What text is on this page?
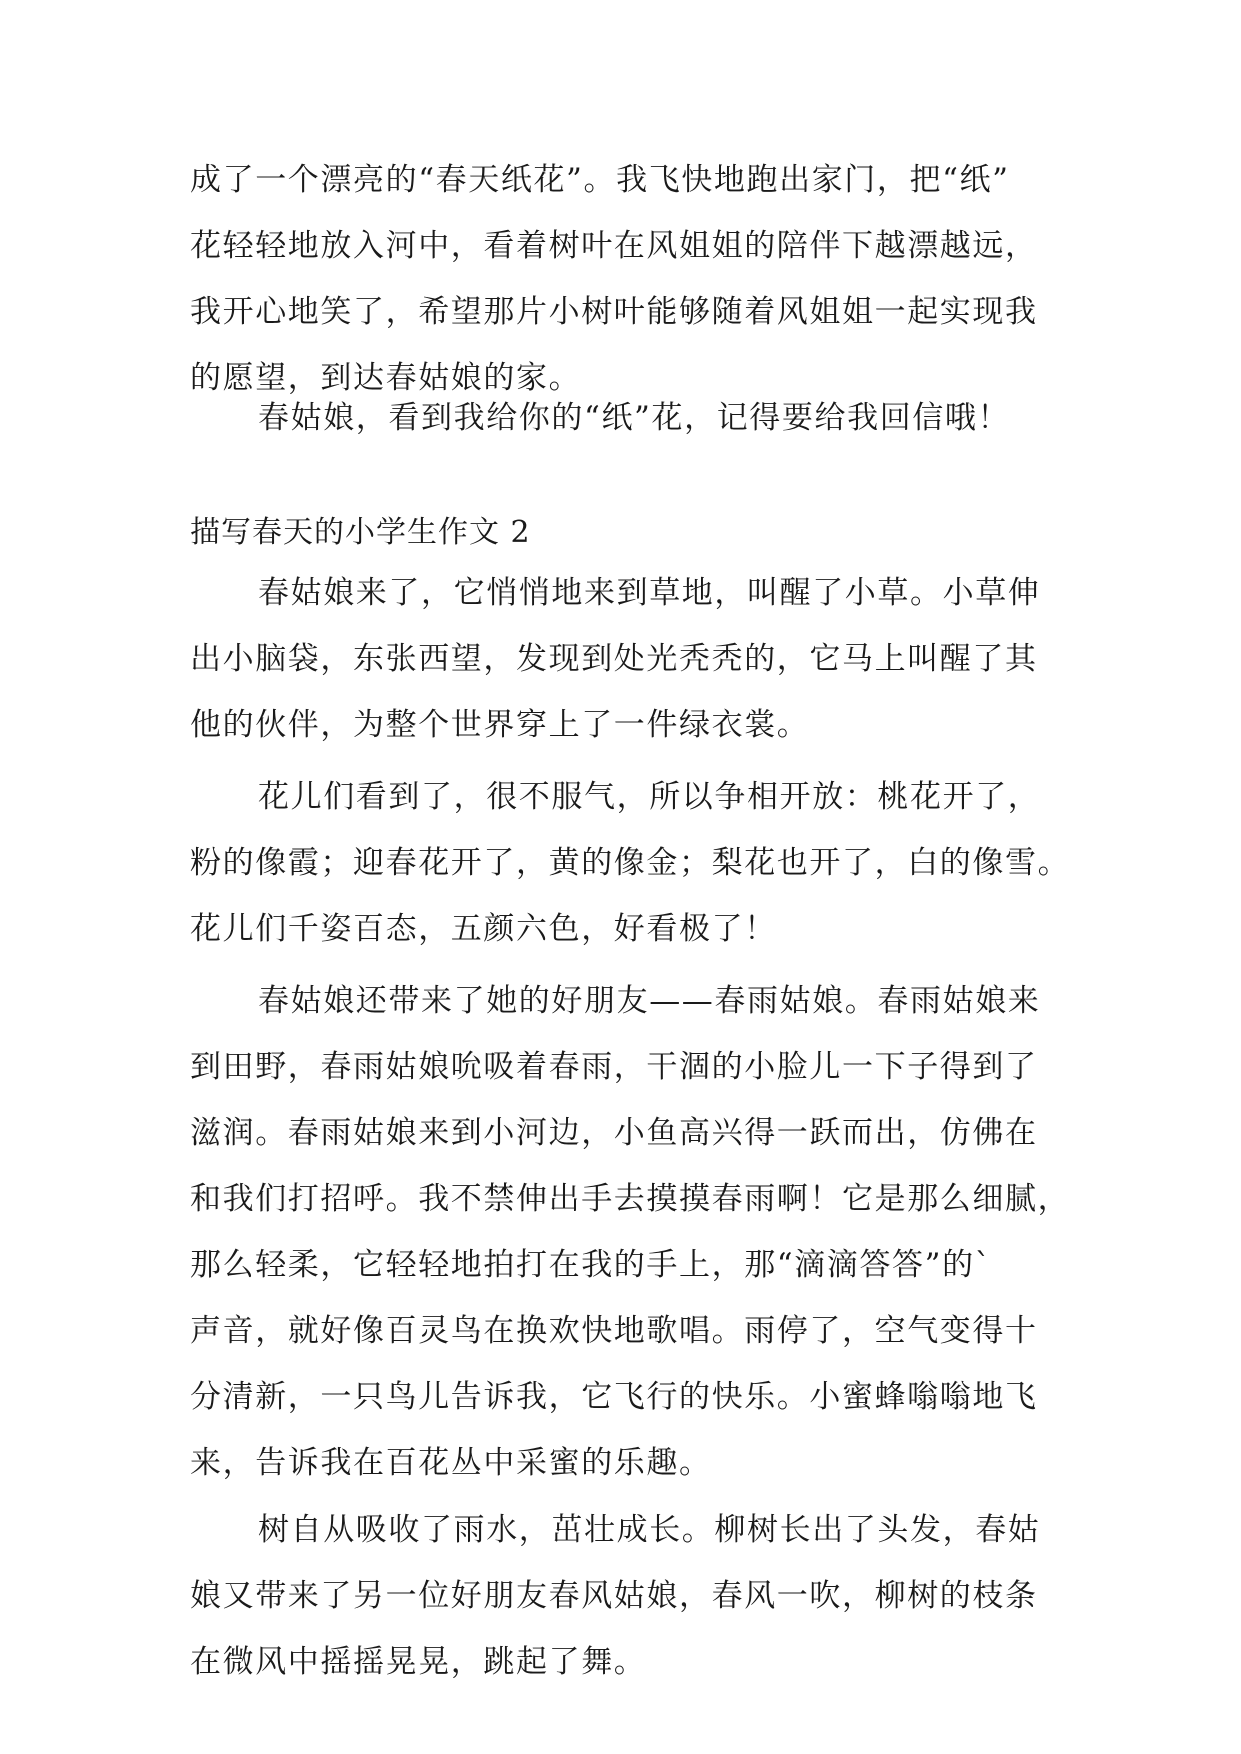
成了一个漂亮的“春天纸花”。我飞快地跑出家门，把“纸”
花轻轻地放入河中，看着树叶在风姐姐的陪伴下越漂越远，
我开心地笑了，希望那片小树叶能够随着风姐姐一起实现我
的愿望，到达春姑娘的家。
春姑娘，看到我给你的“纸”花，记得要给我回信哦！
描写春天的小学生作文 2
春姑娘来了，它悄悄地来到草地，叫醒了小草。小草伸
出小脑袋，东张西望，发现到处光秃秃的，它马上叫醒了其
他的伙伴，为整个世界穿上了一件绿衣裳。
花儿们看到了，很不服气，所以争相开放：桃花开了，
粉的像霞；迎春花开了，黄的像金；梨花也开了，白的像雪。
花儿们千姿百态，五颜六色，好看极了！
春姑娘还带来了她的好朋友——春雨姑娘。春雨姑娘来
到田野，春雨姑娘吮吸着春雨，干涸的小脸儿一下子得到了
滋润。春雨姑娘来到小河边，小鱼高兴得一跃而出，仿佛在
和我们打招呼。我不禁伸出手去摸摸春雨啊！它是那么细腻，
那么轻柔，它轻轻地拍打在我的手上，那“滴滴答答”的`
声音，就好像百灵鸟在换欢快地歌唱。雨停了，空气变得十
分清新，一只鸟儿告诉我，它飞行的快乐。小蜜蜂嗡嗡地飞
来，告诉我在百花丛中采蜜的乐趣。
树自从吸收了雨水，茁壮成长。柳树长出了头发，春姑
娘又带来了另一位好朋友春风姑娘，春风一吹，柳树的枝条
在微风中摇摇晃晃，跳起了舞。
